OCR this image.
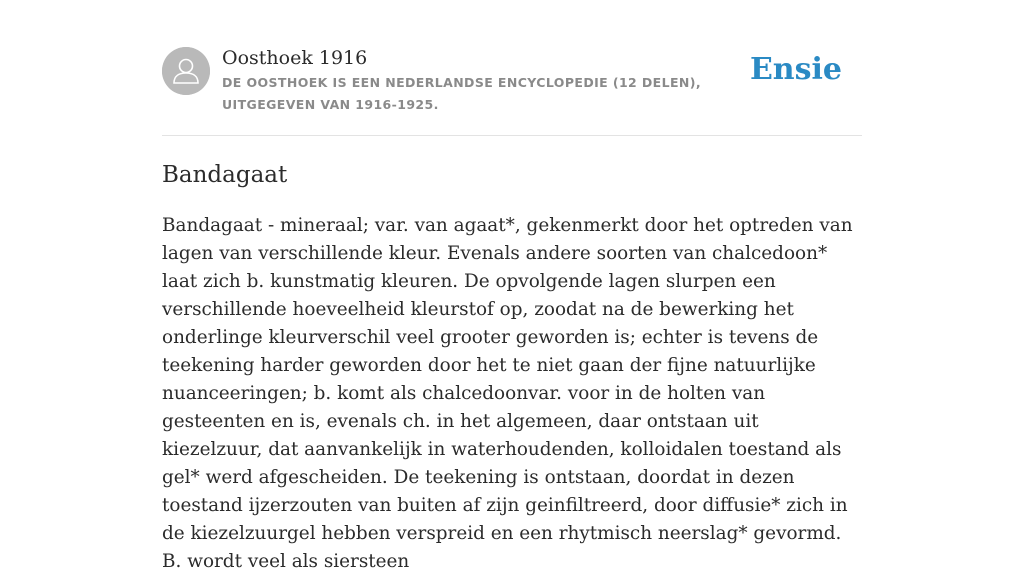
Oosthoek 1916
DE OOSTHOEK IS EEN NEDERLANDSE ENCYCLOPEDIE (12 DELEN), UITGEGEVEN VAN 1916-1925.
Ensie
Bandagaat
Bandagaat - mineraal; var. van agaat*, gekenmerkt door het optreden van lagen van verschillende kleur. Evenals andere soorten van chalcedoon* laat zich b. kunstmatig kleuren. De opvolgende lagen slurpen een verschillende hoeveelheid kleurstof op, zoodat na de bewerking het onderlinge kleurverschil veel grooter geworden is; echter is tevens de teekening harder geworden door het te niet gaan der fijne natuurlijke nuanceeringen; b. komt als chalcedoonvar. voor in de holten van gesteenten en is, evenals ch. in het algemeen, daar ontstaan uit kiezelzuur, dat aanvankelijk in waterhoudenden, kolloidalen toestand als gel* werd afgescheiden. De teekening is ontstaan, doordat in dezen toestand ijzerzouten van buiten af zijn geinfiltreerd, door diffusie* zich in de kiezelzuurgel hebben verspreid en een rhytmisch neerslag* gevormd. B. wordt veel als siersteen
